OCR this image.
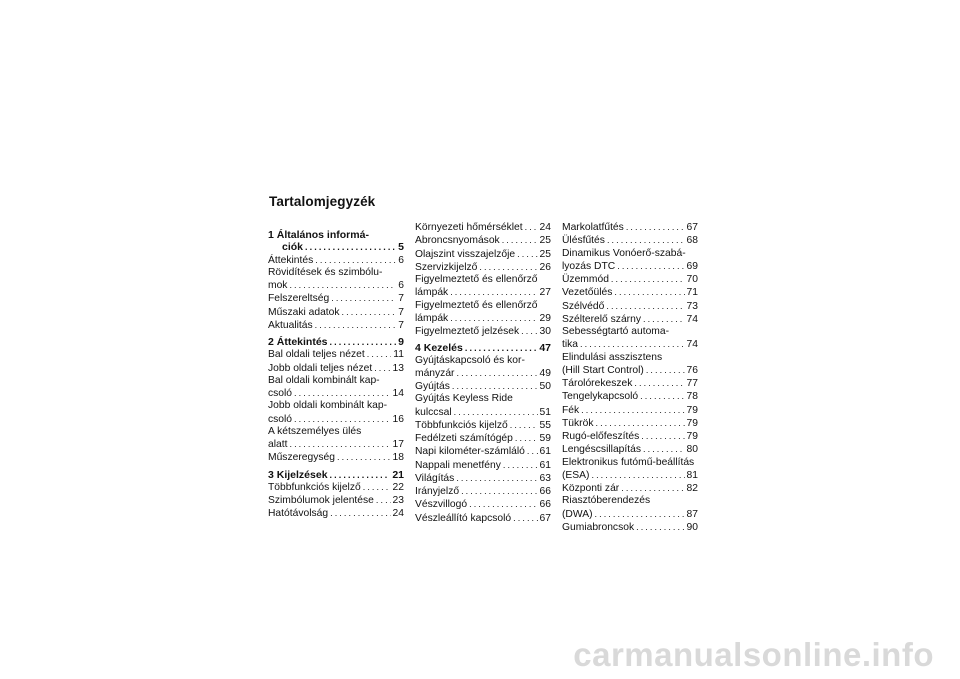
Tartalomjegyzék
1 Általános informá-
ciók . . .	5
Áttekintés . . .	6
Rövidítések és szimbólu-
mok . . .	6
Felszereltség . . .	7
Műszaki adatok . . .	7
Aktualitás . . .	7
2 Áttekintés . . .	9
Bal oldali teljes nézet . . .	11
Jobb oldali teljes nézet . . . 13
Bal oldali kombinált kap-
csoló . . .	14
Jobb oldali kombinált kap-
csoló . . .	16
A kétszemélyes ülés
alatt . . .	17
Műszeregység . . .	18
3 Kijelzések . . .	21
Többfunkciós kijelző . . .	22
Szimbólumok jelentése . . . 23
Hatótávolság . . .	24
Környezeti hőmérséklet . . . 24
Abroncsnyomások . . .	25
Olajszint visszajelzője . . . 25
Szervizkijelző . . .	26
Figyelmeztető és ellenőrző
lámpák . . .	27
Figyelmeztető és ellenőrző
lámpák . . .	29
Figyelmeztető jelzések . . . 30
4 Kezelés . . .	47
Gyújtáskapcsoló és kor-
mányzár . . .	49
Gyújtás . . .	50
Gyújtás Keyless Ride
kulccsal . . .	51
Többfunkciós kijelző . . .	55
Fedélzeti számítógép . . .	59
Napi kilométer-számláló . . . 61
Nappali menetfény . . .	61
Világítás . . .	63
Irányjelző . . .	66
Vészvillogó . . .	66
Vészleállító kapcsoló . . .	67
Markolatfűtés . . .	67
Ülésfűtés . . .	68
Dinamikus Vonóerő-szabá-
lyozás DTC . . .	69
Üzemmód . . .	70
Vezetőülés . . .	71
Szélvédő . . .	73
Szélterelő szárny . . .	74
Sebességtartó automa-
tika . . .	74
Elindulási asszisztens
(Hill Start Control) . . .	76
Tárolórekeszek . . .	77
Tengelykapcsoló . . .	78
Fék . . .	79
Tükrök . . .	79
Rugó-előfeszítés . . .	79
Lengéscsillapítás . . .	80
Elektronikus futómű-beállítás
(ESA) . . .	81
Központi zár . . .	82
Riasztóberendezés
(DWA) . . .	87
Gumiabroncsok . . .	90
carmanualsonline.info
